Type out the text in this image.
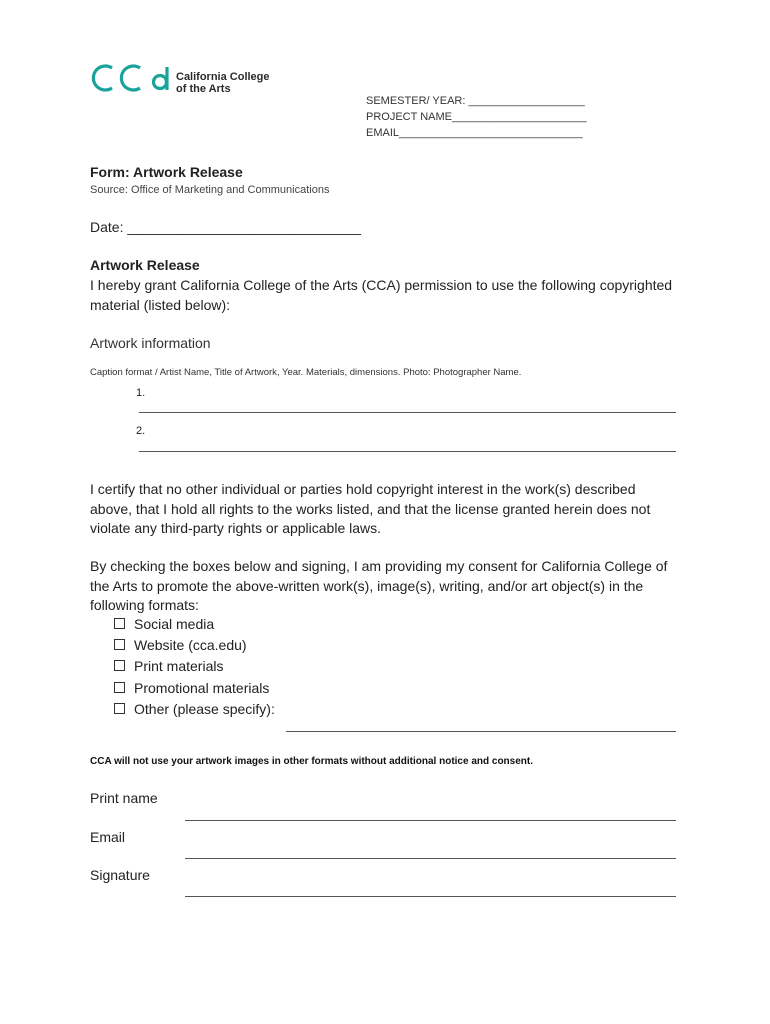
California College
of the Arts
SEMESTER/ YEAR: ___________________
PROJECT NAME______________________
EMAIL______________________________
Form: Artwork Release
Source: Office of Marketing and Communications
Date: ______________________________
Artwork Release
I hereby grant California College of the Arts (CCA) permission to use the following copyrighted material (listed below):
Artwork information
Caption format / Artist Name, Title of Artwork, Year. Materials, dimensions. Photo: Photographer Name.
1.
2.
I certify that no other individual or parties hold copyright interest in the work(s) described above, that I hold all rights to the works listed, and that the license granted herein does not violate any third-party rights or applicable laws.
By checking the boxes below and signing, I am providing my consent for California College of the Arts to promote the above-written work(s), image(s), writing, and/or art object(s) in the following formats:
Social media
Website (cca.edu)
Print materials
Promotional materials
Other (please specify):
CCA will not use your artwork images in other formats without additional notice and consent.
Print name
Email
Signature
